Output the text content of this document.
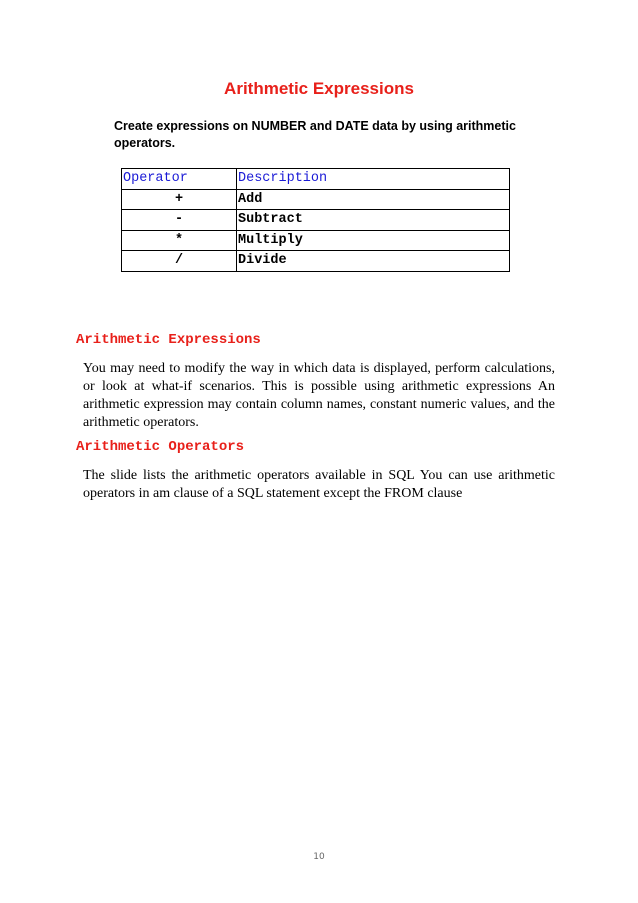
Arithmetic Expressions
Create expressions on NUMBER and DATE data by using arithmetic operators.
Operator	Description
+	Add
-	Subtract
*	Multiply
/	Divide
Arithmetic Expressions
You may need to modify the way in which data is displayed, perform calculations, or look at what-if scenarios. This is possible using arithmetic expressions An arithmetic expression may contain column names, constant numeric values, and the arithmetic operators.
Arithmetic Operators
The slide lists the arithmetic operators available in SQL You can use arithmetic operators in am clause of a SQL statement except the FROM clause
10
